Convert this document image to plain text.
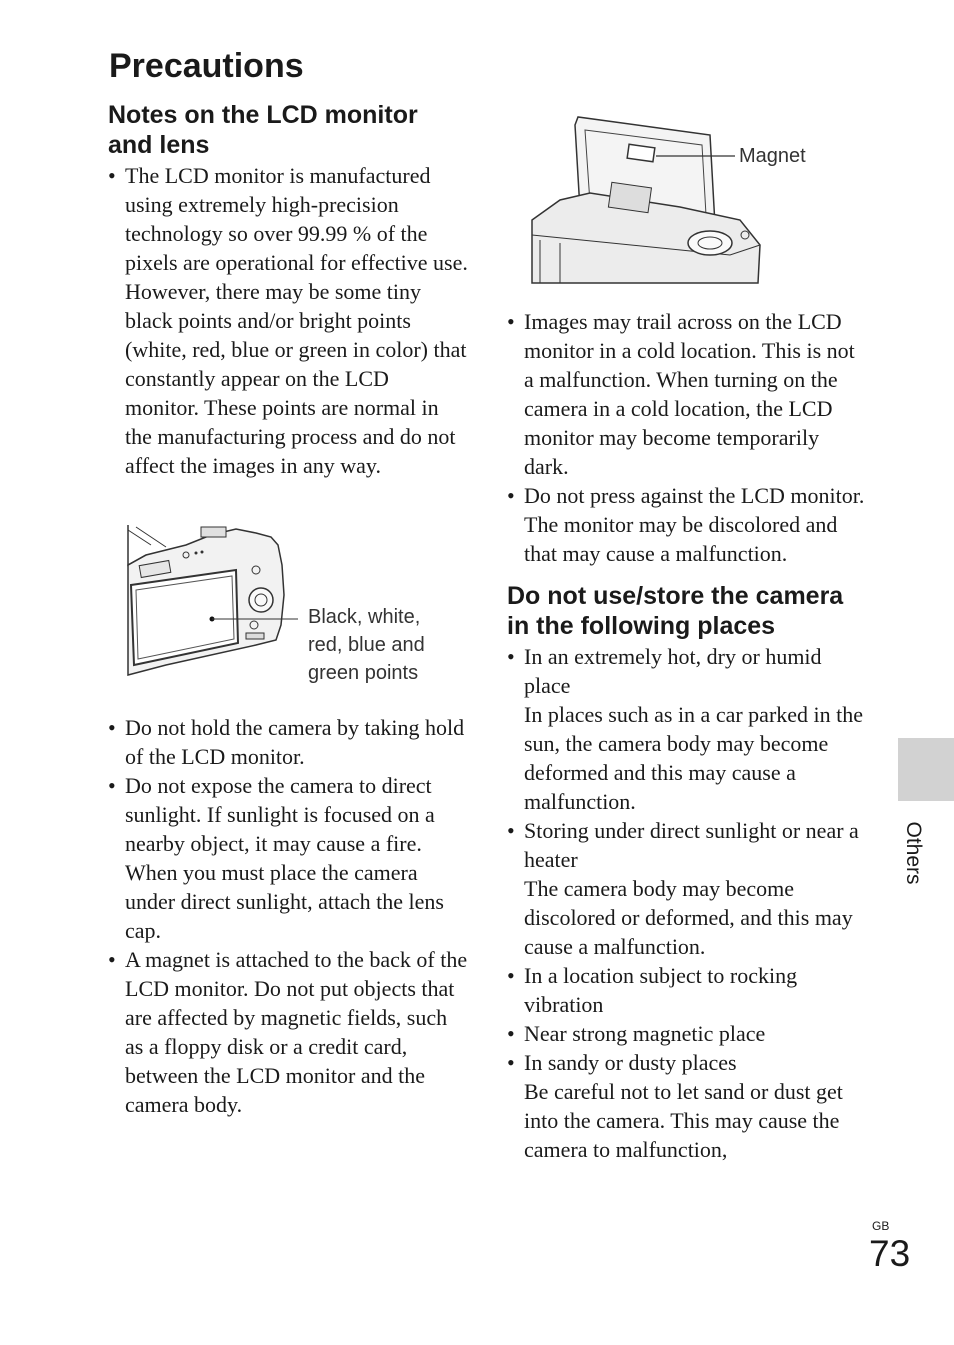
Precautions
Notes on the LCD monitor and lens
• The LCD monitor is manufactured using extremely high-precision technology so over 99.99 % of the pixels are operational for effective use. However, there may be some tiny black points and/or bright points (white, red, blue or green in color) that constantly appear on the LCD monitor. These points are normal in the manufacturing process and do not affect the images in any way.
Black, white, red, blue and green points
• Do not hold the camera by taking hold of the LCD monitor.
• Do not expose the camera to direct sunlight. If sunlight is focused on a nearby object, it may cause a fire. When you must place the camera under direct sunlight, attach the lens cap.
• A magnet is attached to the back of the LCD monitor. Do not put objects that are affected by magnetic fields, such as a floppy disk or a credit card, between the LCD monitor and the camera body.
Magnet
• Images may trail across on the LCD monitor in a cold location. This is not a malfunction. When turning on the camera in a cold location, the LCD monitor may become temporarily dark.
• Do not press against the LCD monitor. The monitor may be discolored and that may cause a malfunction.
Do not use/store the camera in the following places
• In an extremely hot, dry or humid place
In places such as in a car parked in the sun, the camera body may become deformed and this may cause a malfunction.
• Storing under direct sunlight or near a heater
The camera body may become discolored or deformed, and this may cause a malfunction.
• In a location subject to rocking vibration
• Near strong magnetic place
• In sandy or dusty places
Be careful not to let sand or dust get into the camera. This may cause the camera to malfunction,
Others
GB
73
